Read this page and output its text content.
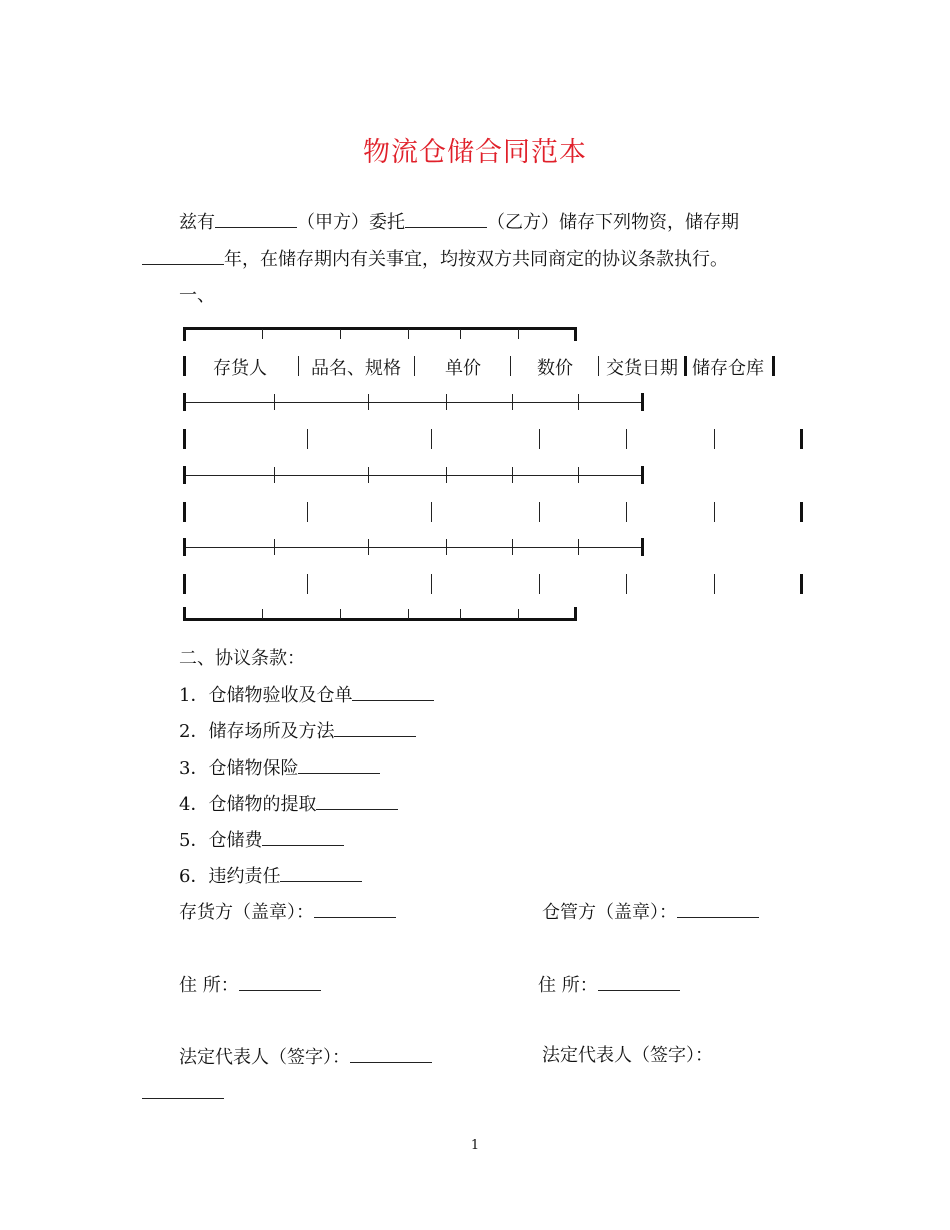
物流仓储合同范本
兹有	（甲方）委托	（乙方）储存下列物资，储存期
年，在储存期内有关事宜，均按双方共同商定的协议条款执行。
一、
存货人 品名、规格 单价	数价 交货日期 储存仓库
二、协议条款：
1．仓储物验收及仓单
2．储存场所及方法
3．仓储物保险
4．仓储物的提取
5．仓储费
6．违约责任
存货方（盖章）：	仓管方（盖章）：
住 所：	住 所：
法定代表人（签字）：	法定代表人（签字）：
1
